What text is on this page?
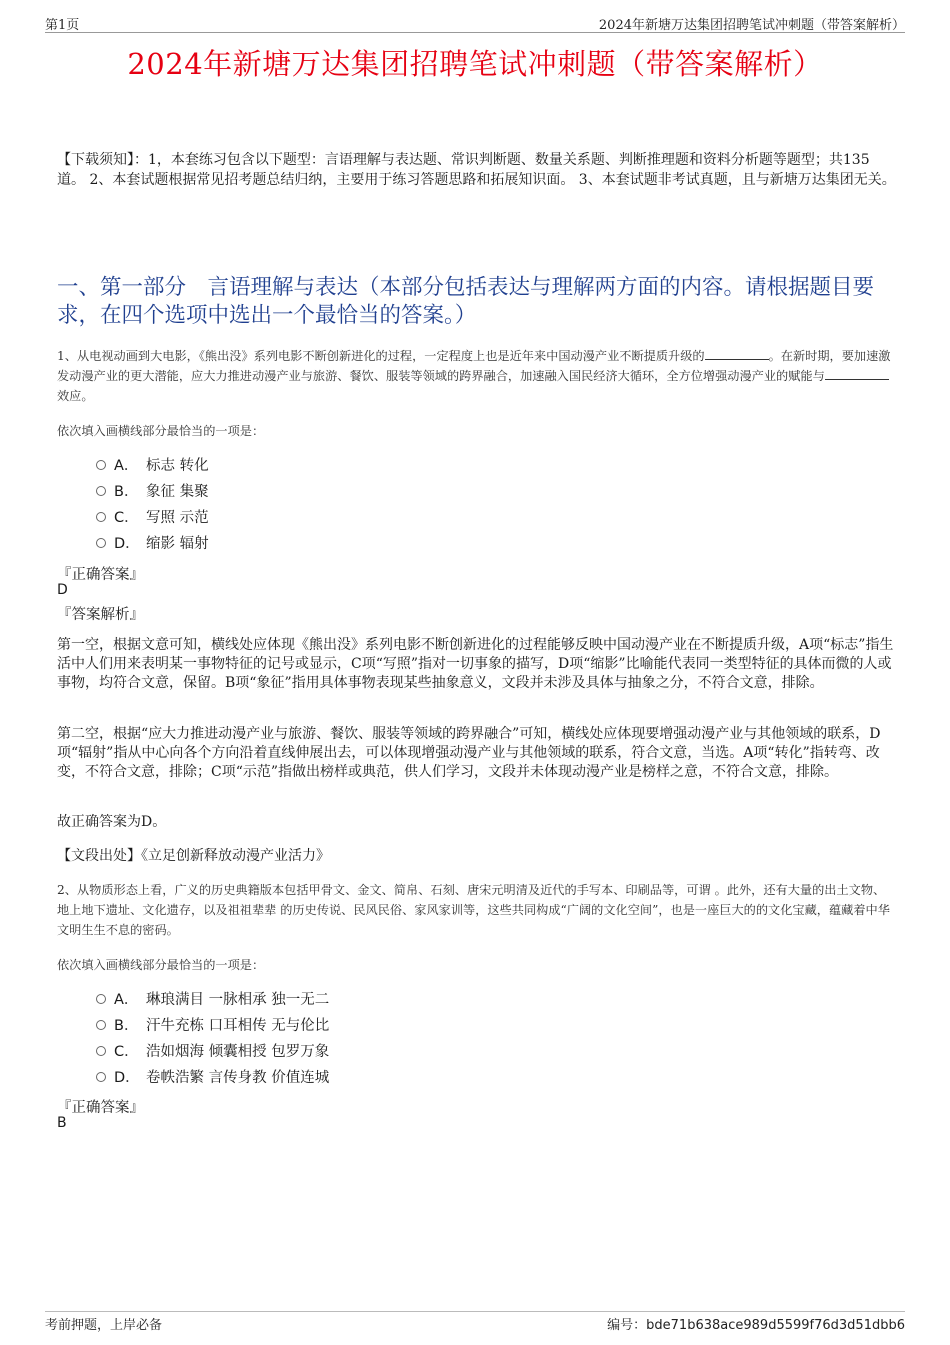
第1页	2024年新塘万达集团招聘笔试冲刺题（带答案解析）
2024年新塘万达集团招聘笔试冲刺题（带答案解析）
【下载须知】：1，本套练习包含以下题型：言语理解与表达题、常识判断题、数量关系题、判断推理题和资料分析题等题型；共135道。 2、本套试题根据常见招考题总结归纳，主要用于练习答题思路和拓展知识面。 3、本套试题非考试真题，且与新塘万达集团无关。
一、第一部分　言语理解与表达（本部分包括表达与理解两方面的内容。请根据题目要求，在四个选项中选出一个最恰当的答案。）
1、从电视动画到大电影，《熊出没》系列电影不断创新进化的过程，一定程度上也是近年来中国动漫产业不断提质升级的	。在新时期，要加速激发动漫产业的更大潜能，应大力推进动漫产业与旅游、餐饮、服装等领域的跨界融合，加速融入国民经济大循环，全方位增强动漫产业的赋能与效应。
依次填入画横线部分最恰当的一项是：
A． 标志 转化
B． 象征 集聚
C． 写照 示范
D． 缩影 辐射
『正确答案』
D
『答案解析』
第一空，根据文意可知，横线处应体现《熊出没》系列电影不断创新进化的过程能够反映中国动漫产业在不断提质升级，A项“标志”指生活中人们用来表明某一事物特征的记号或显示，C项“写照”指对一切事象的描写，D项“缩影”比喻能代表同一类型特征的具体而微的人或事物，均符合文意，保留。B项“象征”指用具体事物表现某些抽象意义，文段并未涉及具体与抽象之分，不符合文意，排除。
第二空，根据“应大力推进动漫产业与旅游、餐饮、服装等领域的跨界融合”可知，横线处应体现要增强动漫产业与其他领域的联系，D项“辐射”指从中心向各个方向沿着直线伸展出去，可以体现增强动漫产业与其他领域的联系，符合文意，当选。A项“转化”指转弯、改变，不符合文意，排除；C项“示范”指做出榜样或典范，供人们学习，文段并未体现动漫产业是榜样之意，不符合文意，排除。
故正确答案为D。
【文段出处】《立足创新释放动漫产业活力》
2、从物质形态上看，广义的历史典籍版本包括甲骨文、金文、简帛、石刻、唐宋元明清及近代的手写本、印刷品等，可谓 。此外，还有大量的出土文物、地上地下遗址、文化遗存，以及祖祖辈辈 的历史传说、民风民俗、家风家训等，这些共同构成“广阔的文化空间”，也是一座巨大的的文化宝藏，蕴藏着中华文明生生不息的密码。
依次填入画横线部分最恰当的一项是：
A． 琳琅满目 一脉相承 独一无二
B． 汗牛充栋 口耳相传 无与伦比
C． 浩如烟海 倾囊相授 包罗万象
D． 卷帙浩繁 言传身教 价值连城
『正确答案』
B
考前押题，上岸必备	编号：bde71b638ace989d5599f76d3d51dbb6
